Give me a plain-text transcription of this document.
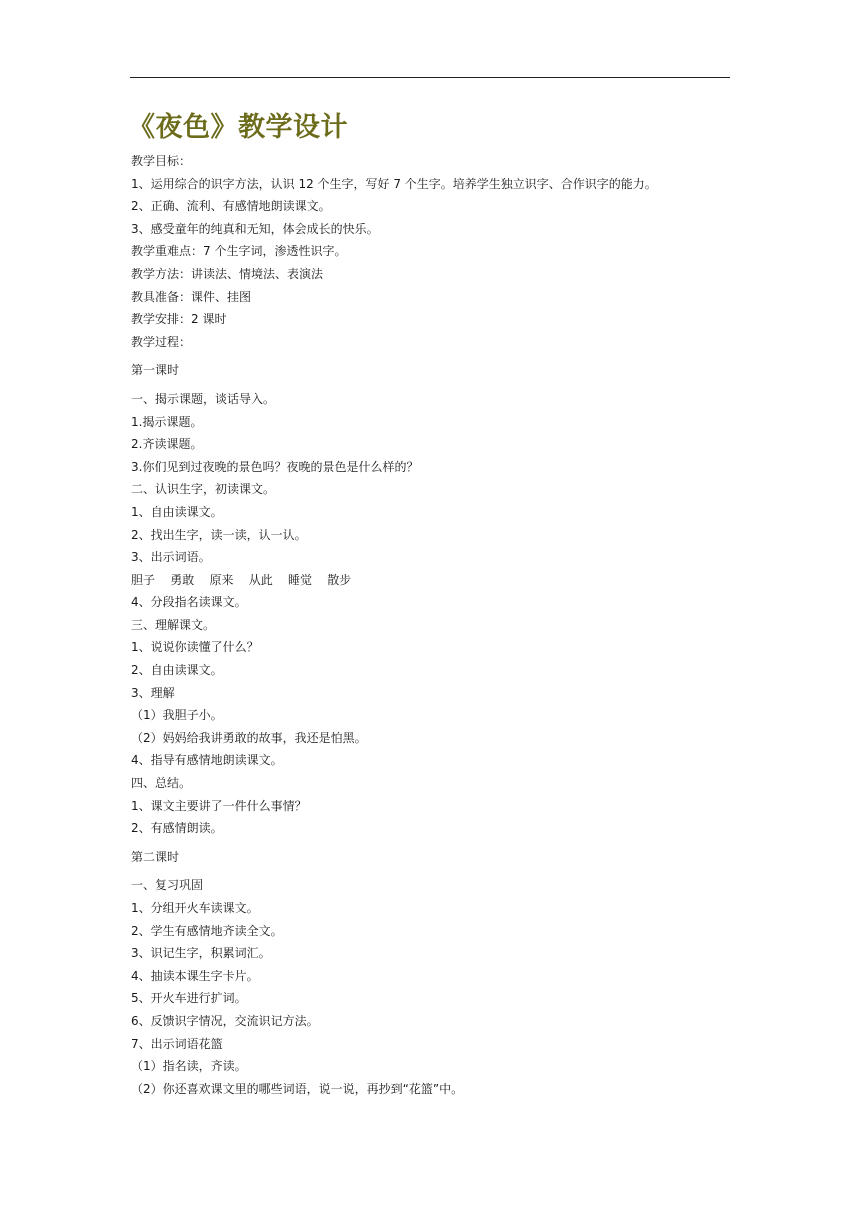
《夜色》教学设计
教学目标：
1、运用综合的识字方法，认识 12 个生字，写好 7 个生字。培养学生独立识字、合作识字的能力。
2、正确、流利、有感情地朗读课文。
3、感受童年的纯真和无知，体会成长的快乐。
教学重难点：7 个生字词，渗透性识字。
教学方法：讲读法、情境法、表演法
教具准备：课件、挂图
教学安排：2 课时
教学过程：
第一课时
一、揭示课题，谈话导入。
1.揭示课题。
2.齐读课题。
3.你们见到过夜晚的景色吗？夜晚的景色是什么样的？
二、认识生字，初读课文。
1、自由读课文。
2、找出生字，读一读，认一认。
3、出示词语。
胆子    勇敢    原来    从此    睡觉    散步
4、分段指名读课文。
三、理解课文。
1、说说你读懂了什么？
2、自由读课文。
3、理解
（1）我胆子小。
（2）妈妈给我讲勇敢的故事，我还是怕黑。
4、指导有感情地朗读课文。
四、总结。
1、课文主要讲了一件什么事情？
2、有感情朗读。
第二课时
一、复习巩固
1、分组开火车读课文。
2、学生有感情地齐读全文。
3、识记生字，积累词汇。
4、抽读本课生字卡片。
5、开火车进行扩词。
6、反馈识字情况，交流识记方法。
7、出示词语花篮
（1）指名读，齐读。
（2）你还喜欢课文里的哪些词语，说一说，再抄到“花篮”中。
